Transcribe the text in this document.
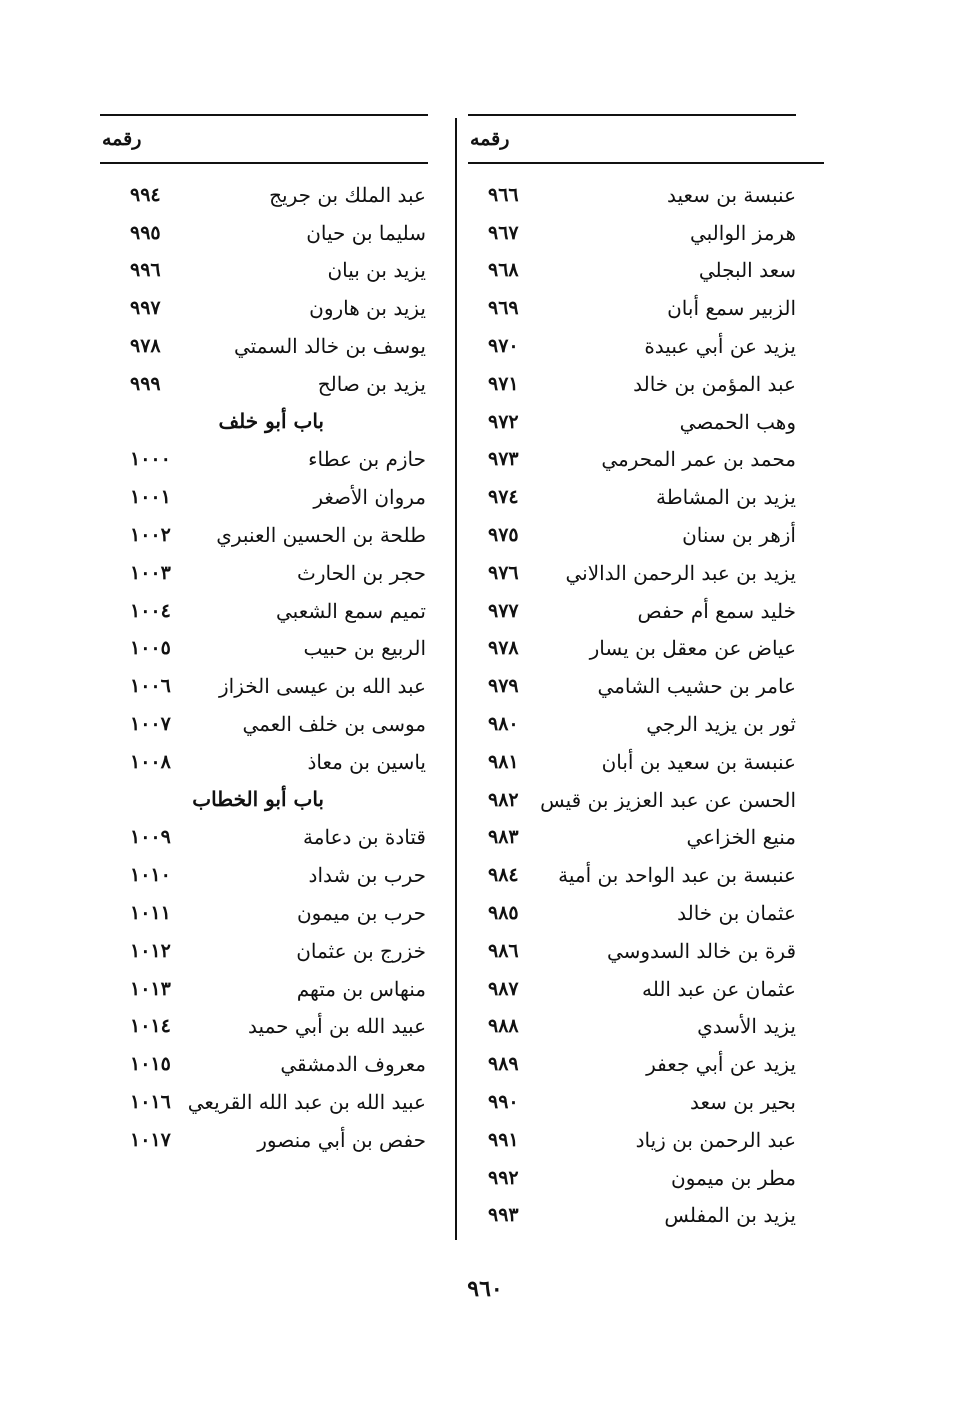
رقمه
٩٦٦	عنبسة بن سعيد
٩٦٧	هرمز الوالبي
٩٦٨	سعد البجلي
٩٦٩	الزبير سمع أبان
٩٧٠	يزيد عن أبي عبيدة
٩٧١	عبد المؤمن بن خالد
٩٧٢	وهب الحمصي
٩٧٣	محمد بن عمر المحرمي
٩٧٤	يزيد بن المشاطة
٩٧٥	أزهر بن سنان
٩٧٦	يزيد بن عبد الرحمن الدالاني
٩٧٧	خليد سمع أم حفص
٩٧٨	عياض عن معقل بن يسار
٩٧٩	عامر بن حشيب الشامي
٩٨٠	ثور بن يزيد الرجي
٩٨١	عنبسة بن سعيد بن أبان
٩٨٢	الحسن عن عبد العزيز بن قيس
٩٨٣	منيع الخزاعي
٩٨٤	عنبسة بن عبد الواحد بن أمية
٩٨٥	عثمان بن خالد
٩٨٦	قرة بن خالد السدوسي
٩٨٧	عثمان عن عبد الله
٩٨٨	يزيد الأسدي
٩٨٩	يزيد عن أبي جعفر
٩٩٠	بحير بن سعد
٩٩١	عبد الرحمن بن زياد
٩٩٢	مطر بن ميمون
٩٩٣	يزيد بن المفلس
رقمه
٩٩٤	عبد الملك بن جريج
٩٩٥	سليما بن حيان
٩٩٦	يزيد بن بيان
٩٩٧	يزيد بن هارون
٩٧٨	يوسف بن خالد السمتي
٩٩٩	يزيد بن صالح
باب أبو خلف
١٠٠٠	حازم بن عطاء
١٠٠١	مروان الأصغر
١٠٠٢	طلحة بن الحسين العنبري
١٠٠٣	حجر بن الحارث
١٠٠٤	تميم سمع الشعبي
١٠٠٥	الربيع بن حبيب
١٠٠٦	عبد الله بن عيسى الخزاز
١٠٠٧	موسى بن خلف العمي
١٠٠٨	ياسين بن معاذ
باب أبو الخطاب
١٠٠٩	قتادة بن دعامة
١٠١٠	حرب بن شداد
١٠١١	حرب بن ميمون
١٠١٢	خزرج بن عثمان
١٠١٣	منهاس بن متهم
١٠١٤	عبيد الله بن أبي حميد
١٠١٥	معروف الدمشقي
١٠١٦ عبيد الله بن عبد الله القريعي
١٠١٧	حفص بن أبي منصور
٩٦٠
